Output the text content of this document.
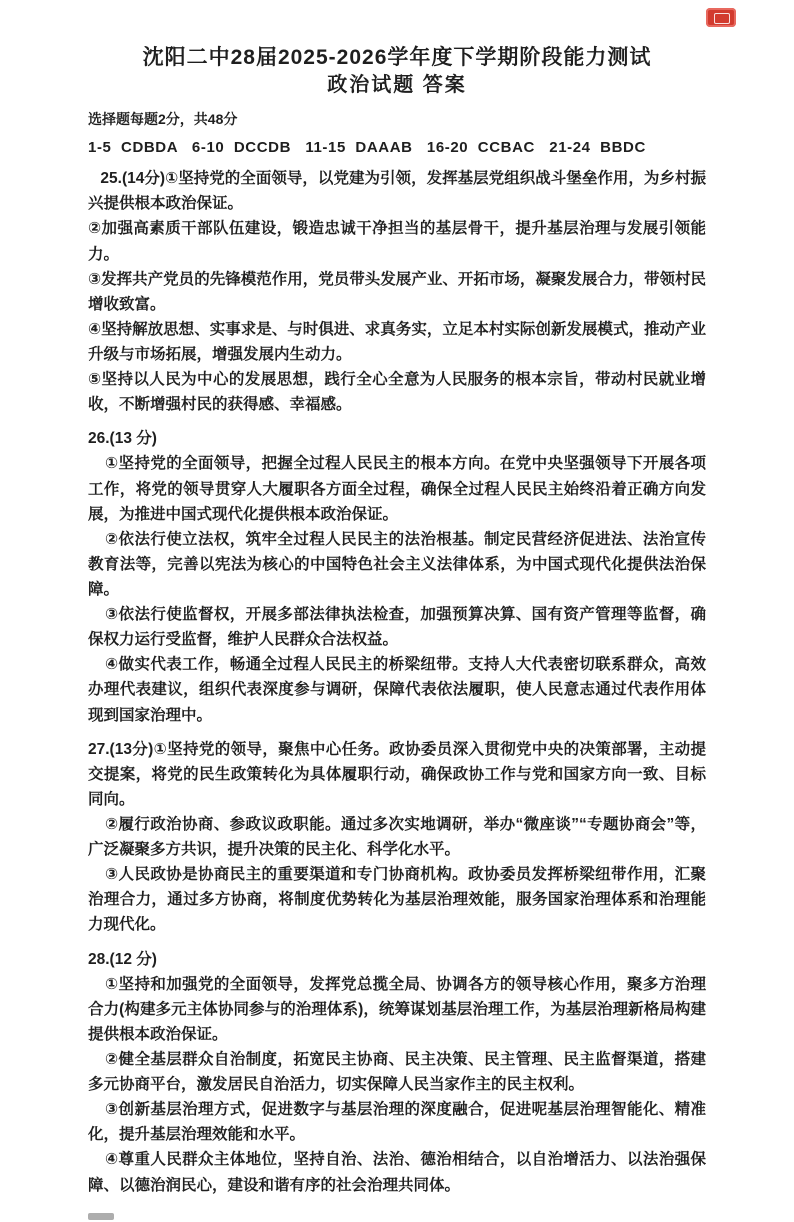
沈阳二中28届2025-2026学年度下学期阶段能力测试
政治试题 答案

选择题每题2分，共48分

1-5  CDBDA   6-10  DCCDB   11-15  DAAAB   16-20  CCBAC   21-24  BBDC

25.(14分)①坚持党的全面领导，以党建为引领，发挥基层党组织战斗堡垒作用，为乡村振兴提供根本政治保证。

②加强高素质干部队伍建设，锻造忠诚干净担当的基层骨干，提升基层治理与发展引领能力。

③发挥共产党员的先锋模范作用，党员带头发展产业、开拓市场，凝聚发展合力，带领村民增收致富。

④坚持解放思想、实事求是、与时俱进、求真务实，立足本村实际创新发展模式，推动产业升级与市场拓展，增强发展内生动力。

⑤坚持以人民为中心的发展思想，践行全心全意为人民服务的根本宗旨，带动村民就业增收，不断增强村民的获得感、幸福感。

26.(13 分)

①坚持党的全面领导，把握全过程人民民主的根本方向。在党中央坚强领导下开展各项工作，将党的领导贯穿人大履职各方面全过程，确保全过程人民民主始终沿着正确方向发展，为推进中国式现代化提供根本政治保证。

②依法行使立法权，筑牢全过程人民民主的法治根基。制定民营经济促进法、法治宣传教育法等，完善以宪法为核心的中国特色社会主义法律体系，为中国式现代化提供法治保障。

③依法行使监督权，开展多部法律执法检查，加强预算决算、国有资产管理等监督，确保权力运行受监督，维护人民群众合法权益。

④做实代表工作，畅通全过程人民民主的桥梁纽带。支持人大代表密切联系群众，高效办理代表建议，组织代表深度参与调研，保障代表依法履职，使人民意志通过代表作用体现到国家治理中。

27.(13分)①坚持党的领导，聚焦中心任务。政协委员深入贯彻党中央的决策部署，主动提交提案，将党的民生政策转化为具体履职行动，确保政协工作与党和国家方向一致、目标同向。

②履行政治协商、参政议政职能。通过多次实地调研，举办“微座谈”“专题协商会”等，广泛凝聚多方共识，提升决策的民主化、科学化水平。

③人民政协是协商民主的重要渠道和专门协商机构。政协委员发挥桥梁纽带作用，汇聚治理合力，通过多方协商，将制度优势转化为基层治理效能，服务国家治理体系和治理能力现代化。

28.(12 分)

①坚持和加强党的全面领导，发挥党总揽全局、协调各方的领导核心作用，聚多方治理合力(构建多元主体协同参与的治理体系)，统筹谋划基层治理工作，为基层治理新格局构建提供根本政治保证。

②健全基层群众自治制度，拓宽民主协商、民主决策、民主管理、民主监督渠道，搭建多元协商平台，激发居民自治活力，切实保障人民当家作主的民主权利。

③创新基层治理方式，促进数字与基层治理的深度融合，促进呢基层治理智能化、精准化，提升基层治理效能和水平。

④尊重人民群众主体地位，坚持自治、法治、德治相结合，以自治增活力、以法治强保障、以德治润民心，建设和谐有序的社会治理共同体。
